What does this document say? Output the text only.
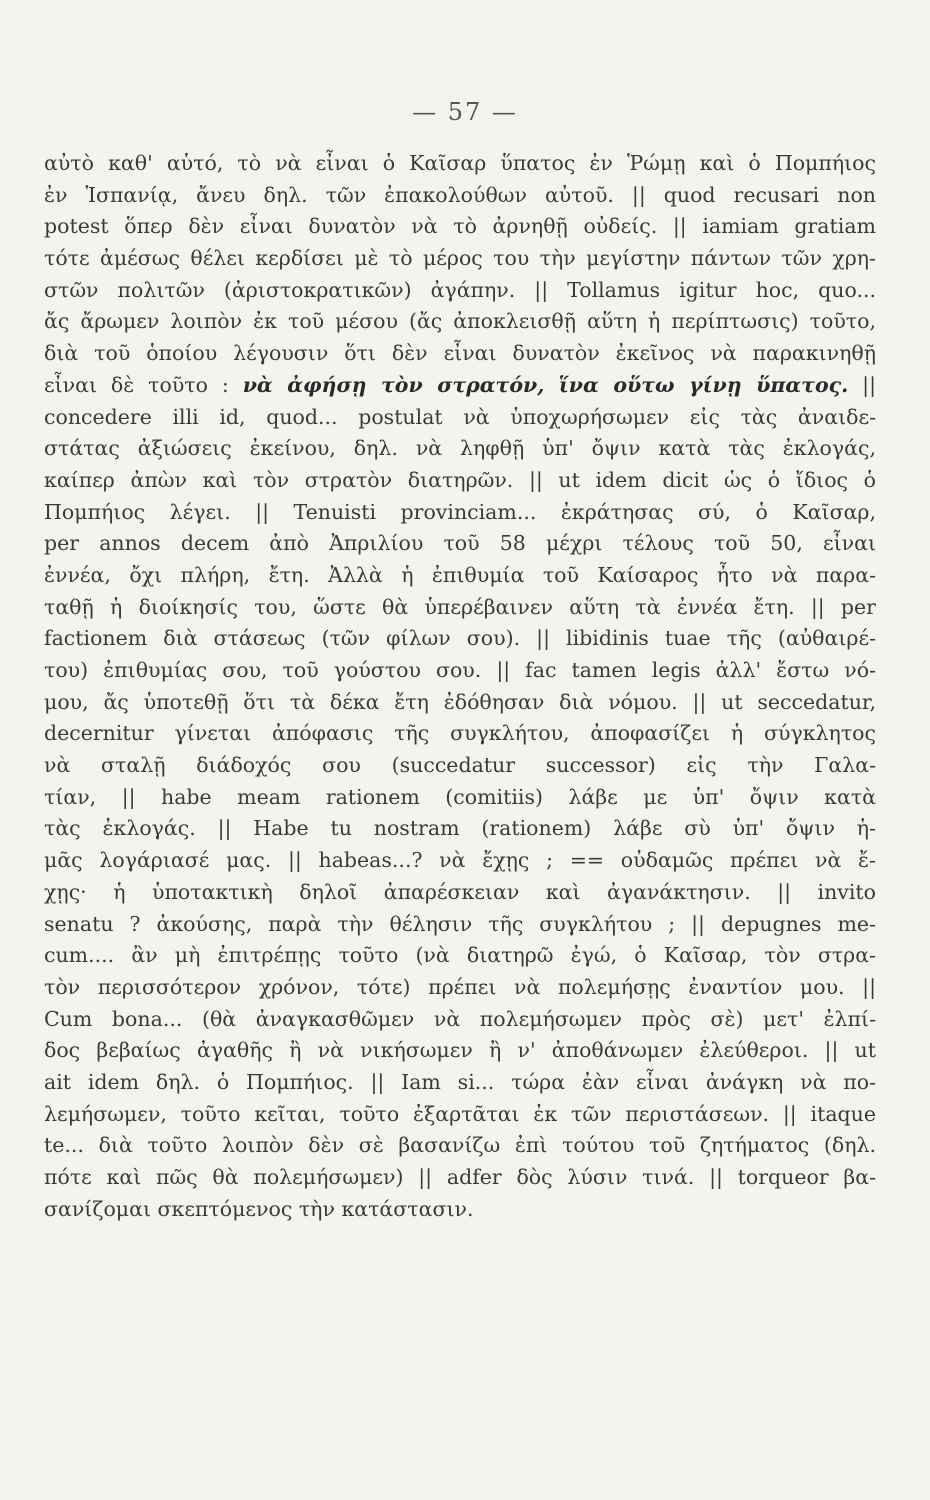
— 57 —
αὐτὸ καθ' αὑτό, τὸ νὰ εἶναι ὁ Καῖσαρ ὕπατος ἐν Ῥώμῃ καὶ ὁ Πομπήιος
ἐν Ἱσπανίᾳ, ἄνευ δηλ. τῶν ἐπακολούθων αὐτοῦ. || quod recusari non
potest ὅπερ δὲν εἶναι δυνατὸν νὰ τὸ ἀρνηθῇ οὐδείς. || iamiam gratiam
τότε ἀμέσως θέλει κερδίσει μὲ τὸ μέρος του τὴν μεγίστην πάντων τῶν χρη-
στῶν πολιτῶν (ἀριστοκρατικῶν) ἀγάπην. || Tollamus igitur hoc, quo...
ἄς ἄρωμεν λοιπὸν ἐκ τοῦ μέσου (ἄς ἀποκλεισθῇ αὕτη ἡ περίπτωσις) τοῦτο,
διὰ τοῦ ὁποίου λέγουσιν ὅτι δὲν εἶναι δυνατὸν ἐκεῖνος νὰ παρακινηθῇ
εἶναι δὲ τοῦτο : νὰ ἀφήσῃ τὸν στρατόν, ἵνα οὕτω γίνῃ ὕπατος. ||
concedere illi id, quod... postulat νὰ ὑποχωρήσωμεν εἰς τὰς ἀναιδε-
στάτας ἀξιώσεις ἐκείνου, δηλ. νὰ ληφθῇ ὑπ' ὄψιν κατὰ τὰς ἐκλογάς,
καίπερ ἀπὼν καὶ τὸν στρατὸν διατηρῶν. || ut idem dicit ὡς ὁ ἴδιος ὁ
Πομπήιος λέγει. || Tenuisti provinciam... ἐκράτησας σύ, ὁ Καῖσαρ,
per annos decem ἀπὸ Ἀπριλίου τοῦ 58 μέχρι τέλους τοῦ 50, εἶναι
ἐννέα, ὄχι πλήρη, ἔτη. Ἀλλὰ ἡ ἐπιθυμία τοῦ Καίσαρος ἦτο νὰ παρα-
ταθῇ ἡ διοίκησίς του, ὥστε θὰ ὑπερέβαινεν αὕτη τὰ ἐννέα ἔτη. || per
factionem διὰ στάσεως (τῶν φίλων σου). || libidinis tuae τῆς (αὐθαιρέ-
του) ἐπιθυμίας σου, τοῦ γούστου σου. || fac tamen legis ἀλλ' ἔστω νό-
μου, ἄς ὑποτεθῇ ὅτι τὰ δέκα ἔτη ἐδόθησαν διὰ νόμου. || ut seccedatur,
decernitur γίνεται ἀπόφασις τῆς συγκλήτου, ἀποφασίζει ἡ σύγκλητος
νὰ σταλῇ διάδοχός σου (succedatur successor) εἰς τὴν Γαλα-
τίαν, || habe meam rationem (comitiis) λάβε με ὑπ' ὄψιν κατὰ
τὰς ἐκλογάς. || Habe tu nostram (rationem) λάβε σὺ ὑπ' ὄψιν ἡ-
μᾶς λογάριασέ μας. || habeas...? νὰ ἔχῃς ; == οὐδαμῶς πρέπει νὰ ἔ-
χῃς· ἡ ὑποτακτικὴ δηλοῖ ἀπαρέσκειαν καὶ ἀγανάκτησιν. || invito
senatu ? ἀκούσης, παρὰ τὴν θέλησιν τῆς συγκλήτου ; || depugnes me-
cum.... ἂν μὴ ἐπιτρέπῃς τοῦτο (νὰ διατηρῶ ἐγώ, ὁ Καῖσαρ, τὸν στρα-
τὸν περισσότερον χρόνον, τότε) πρέπει νὰ πολεμήσῃς ἐναντίον μου. ||
Cum bona... (θὰ ἀναγκασθῶμεν νὰ πολεμήσωμεν πρὸς σὲ) μετ' ἐλπί-
δος βεβαίως ἀγαθῆς ἢ νὰ νικήσωμεν ἢ ν' ἀποθάνωμεν ἐλεύθεροι. || ut
ait idem δηλ. ὁ Πομπήιος. || Iam si... τώρα ἐὰν εἶναι ἀνάγκη νὰ πο-
λεμήσωμεν, τοῦτο κεῖται, τοῦτο ἐξαρτᾶται ἐκ τῶν περιστάσεων. || itaque
te... διὰ τοῦτο λοιπὸν δὲν σὲ βασανίζω ἐπὶ τούτου τοῦ ζητήματος (δηλ.
πότε καὶ πῶς θὰ πολεμήσωμεν) || adfer δὸς λύσιν τινά. || torqueor βα-
σανίζομαι σκεπτόμενος τὴν κατάστασιν.
